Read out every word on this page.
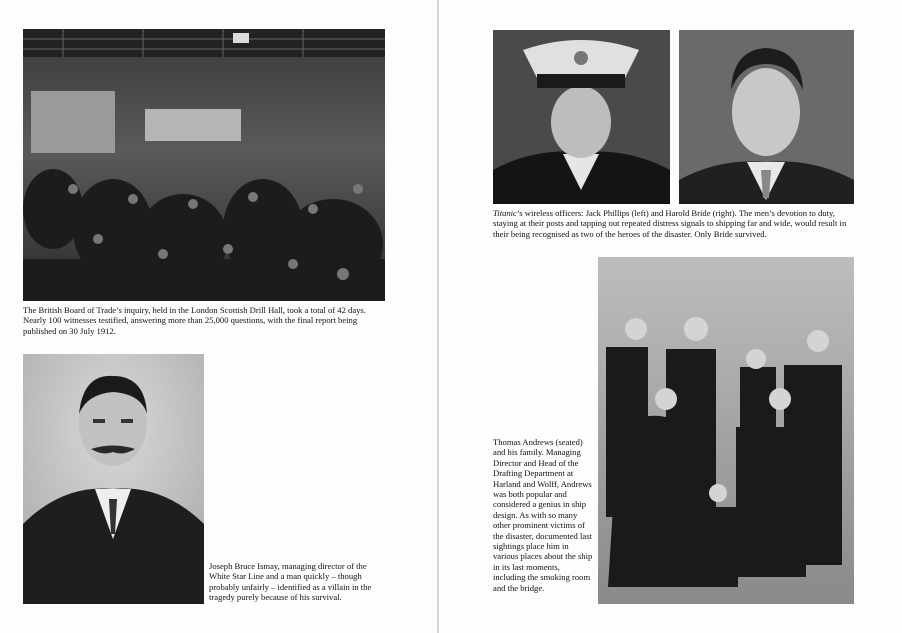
The British Board of Trade’s inquiry, held in the London Scottish Drill Hall, took a total of 42 days. Nearly 100 witnesses testified, answering more than 25,000 questions, with the final report being published on 30 July 1912.
Joseph Bruce Ismay, managing director of the White Star Line and a man quickly – though probably unfairly – identified as a villain in the tragedy purely because of his survival.
Titanic’s wireless officers: Jack Phillips (left) and Harold Bride (right). The men’s devotion to duty, staying at their posts and tapping out repeated distress signals to shipping far and wide, would result in their being recognised as two of the heroes of the disaster. Only Bride survived.
Thomas Andrews (seated) and his family. Managing Director and Head of the Drafting Department at Harland and Wolff, Andrews was both popular and considered a genius in ship design. As with so many other prominent victims of the disaster, documented last sightings place him in various places about the ship in its last moments, including the smoking room and the bridge.
